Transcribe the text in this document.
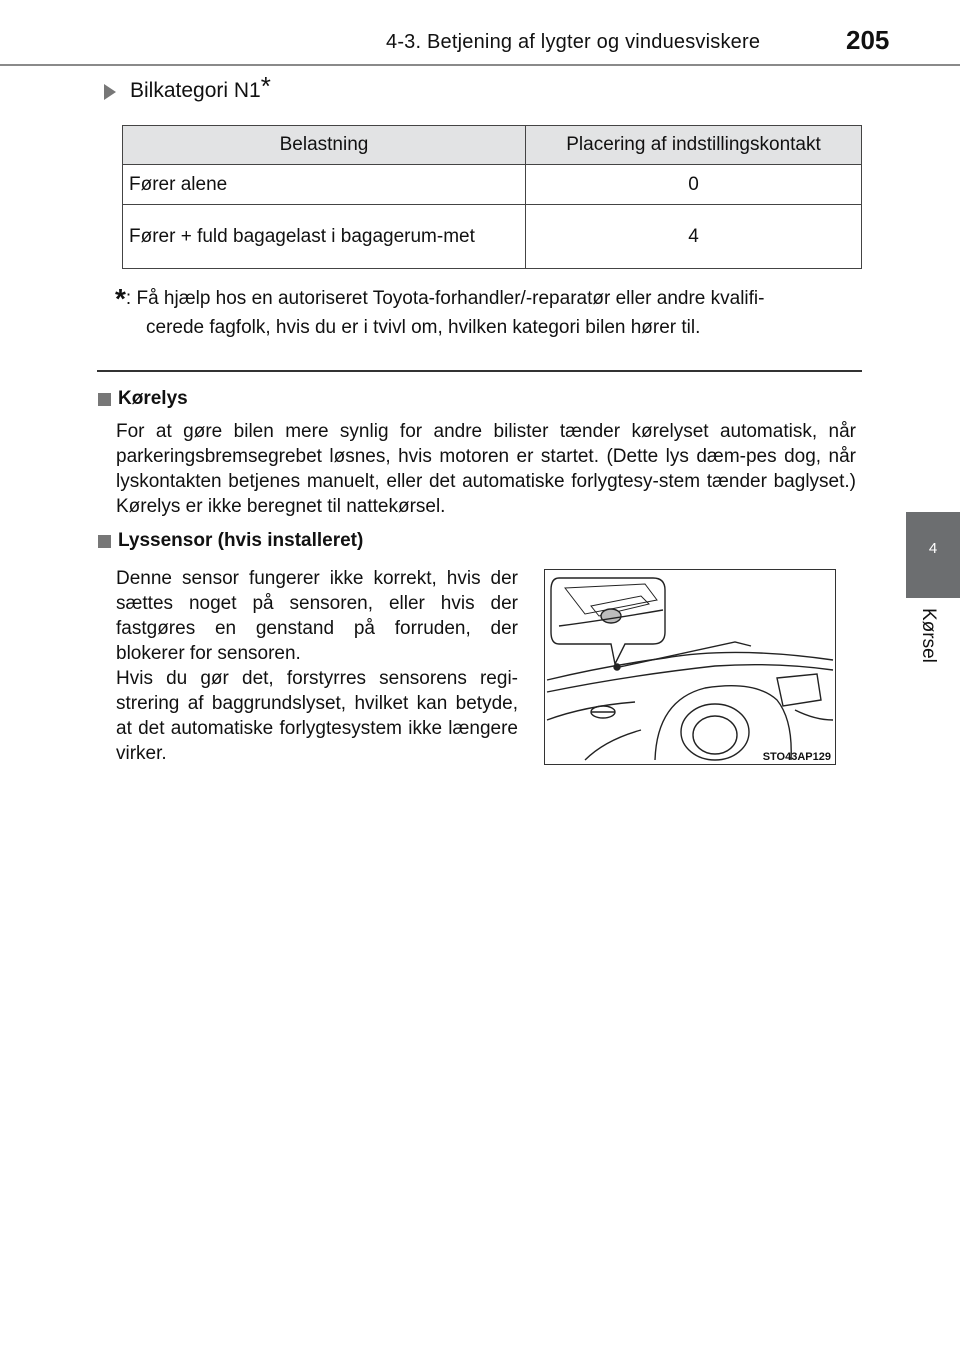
4-3. Betjening af lygter og vinduesviskere	205
4
Kørsel
Bilkategori N1*
Belastning	Placering af indstillingskontakt
Fører alene	0

Fører + fuld bagagelast i bagagerum-met	4
*: Få hjælp hos en autoriseret Toyota-forhandler/-reparatør eller andre kvalifi-
cerede fagfolk, hvis du er i tvivl om, hvilken kategori bilen hører til.
Kørelys
For at gøre bilen mere synlig for andre bilister tænder kørelyset automatisk, når parkeringsbremsegrebet løsnes, hvis motoren er startet. (Dette lys dæm-pes dog, når lyskontakten betjenes manuelt, eller det automatiske forlygtesy-stem tænder baglyset.) Kørelys er ikke beregnet til nattekørsel.
Lyssensor (hvis installeret)
Denne sensor fungerer ikke korrekt, hvis der sættes noget på sensoren, eller hvis der fastgøres en genstand på forruden, der blokerer for sensoren.
Hvis du gør det, forstyrres sensorens regi-strering af baggrundslyset, hvilket kan betyde, at det automatiske forlygtesystem ikke længere virker.	STO43AP129
